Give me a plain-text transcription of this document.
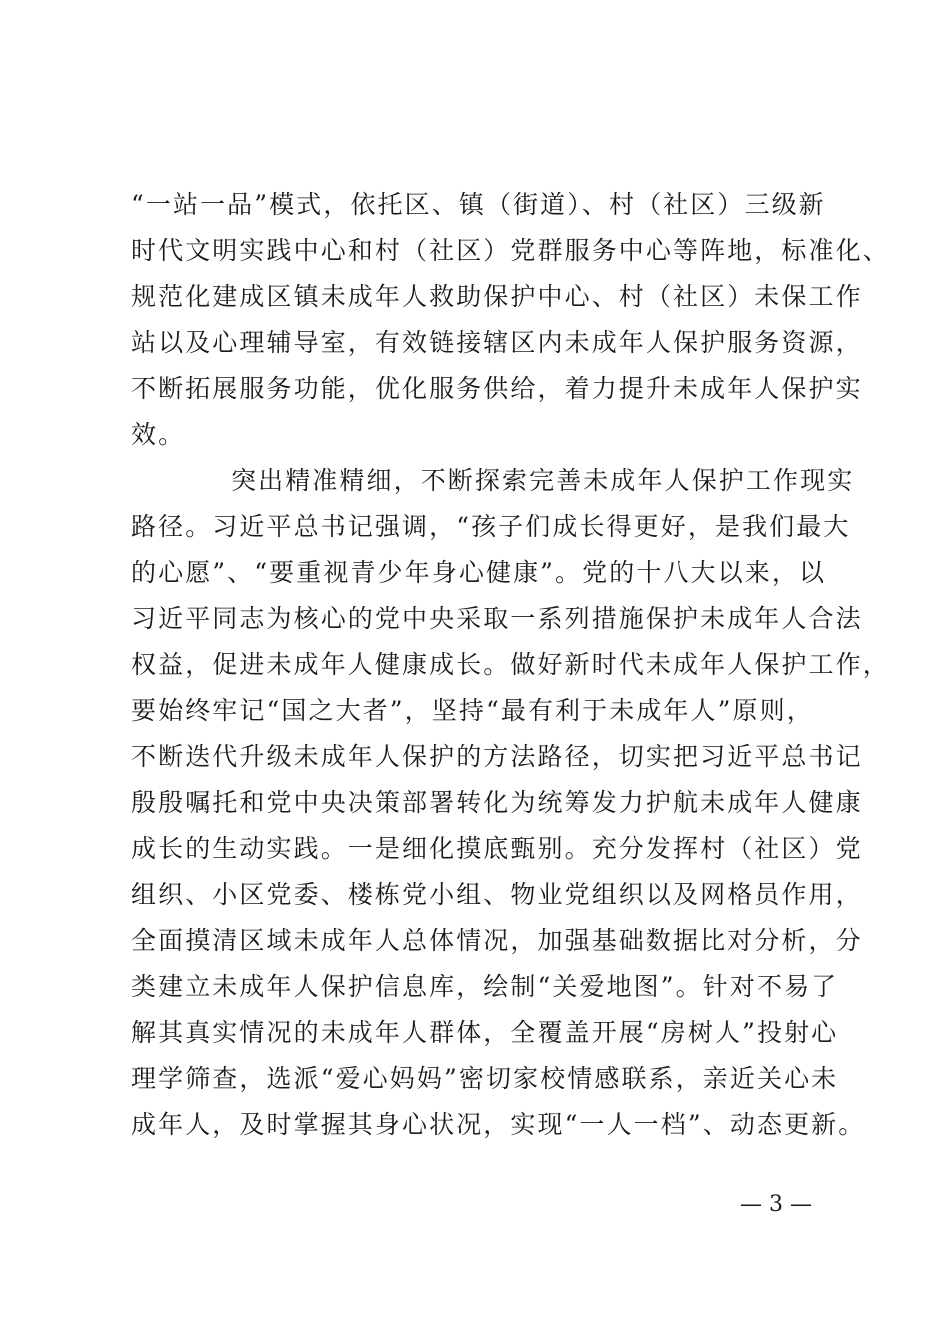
“一站一品”模式，依托区、镇（街道）、村（社区）三级新
时代文明实践中心和村（社区）党群服务中心等阵地，标准化、
规范化建成区镇未成年人救助保护中心、村（社区）未保工作
站以及心理辅导室，有效链接辖区内未成年人保护服务资源，
不断拓展服务功能，优化服务供给，着力提升未成年人保护实
效。
突出精准精细，不断探索完善未成年人保护工作现实
路径。习近平总书记强调，“孩子们成长得更好，是我们最大
的心愿”、“要重视青少年身心健康”。党的十八大以来，以
习近平同志为核心的党中央采取一系列措施保护未成年人合法
权益，促进未成年人健康成长。做好新时代未成年人保护工作，
要始终牢记“国之大者”，坚持“最有利于未成年人”原则，
不断迭代升级未成年人保护的方法路径，切实把习近平总书记
殷殷嘱托和党中央决策部署转化为统筹发力护航未成年人健康
成长的生动实践。一是细化摸底甄别。充分发挥村（社区）党
组织、小区党委、楼栋党小组、物业党组织以及网格员作用，
全面摸清区域未成年人总体情况，加强基础数据比对分析，分
类建立未成年人保护信息库，绘制“关爱地图”。针对不易了
解其真实情况的未成年人群体，全覆盖开展“房树人”投射心
理学筛查，选派“爱心妈妈”密切家校情感联系，亲近关心未
成年人，及时掌握其身心状况，实现“一人一档”、动态更新。
— 3 —
